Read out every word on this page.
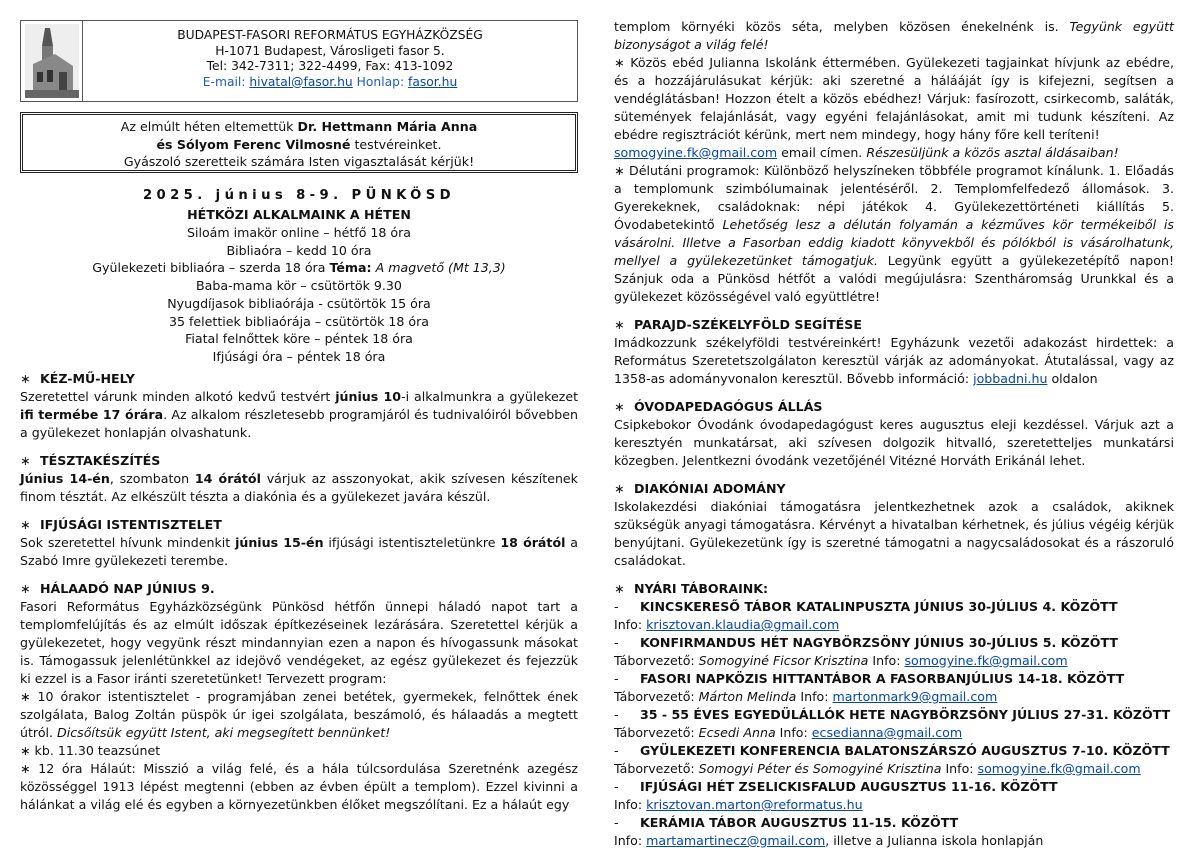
BUDAPEST-FASORI REFORMÁTUS EGYHÁZKÖZSÉG
H-1071 Budapest, Városligeti fasor 5.
Tel: 342-7311; 322-4499, Fax: 413-1092
E-mail: hivatal@fasor.hu Honlap: fasor.hu
Az elmúlt héten eltemettük Dr. Hettmann Mária Anna
és Sólyom Ferenc Vilmosné testvéreinket.
Gyászoló szeretteik számára Isten vigasztalását kérjük!
2025. június 8-9. PÜNKÖSD
HÉTKÖZI ALKALMAINK A HÉTEN
Siloám imakör online – hétfő 18 óra
Bibliaóra – kedd 10 óra
Gyülekezeti bibliaóra – szerda 18 óra Téma: A magvető (Mt 13,3)
Baba-mama kör – csütörtök 9.30
Nyugdíjasok bibliaórája - csütörtök 15 óra
35 felettiek bibliaórája – csütörtök 18 óra
Fiatal felnőttek köre – péntek 18 óra
Ifjúsági óra – péntek 18 óra
∗ KÉZ-MŰ-HELY
Szeretettel várunk minden alkotó kedvű testvért június 10-i alkalmunkra a gyülekezet ifi termébe 17 órára. Az alkalom részletesebb programjáról és tudnivalóiról bővebben a gyülekezet honlapján olvashatunk.
∗ TÉSZTAKÉSZÍTÉS
Június 14-én, szombaton 14 órától várjuk az asszonyokat, akik szívesen készítenek finom tésztát. Az elkészült tészta a diakónia és a gyülekezet javára készül.
∗ IFJÚSÁGI ISTENTISZTELET
Sok szeretettel hívunk mindenkit június 15-én ifjúsági istentiszteletünkre 18 órától a Szabó Imre gyülekezeti terembe.
∗ HÁLAADÓ NAP JÚNIUS 9.
Fasori Református Egyházközségünk Pünkösd hétfőn ünnepi háladó napot tart a templomfelújítás és az elmúlt időszak építkezéseinek lezárására. Szeretettel kérjük a gyülekezetet, hogy vegyünk részt mindannyian ezen a napon és hívogassunk másokat is. Támogassuk jelenlétünkkel az idejövő vendégeket, az egész gyülekezet és fejezzük ki ezzel is a Fasor iránti szeretetünket! Tervezett program:
∗ 10 órakor istentisztelet - programjában zenei betétek, gyermekek, felnőttek ének szolgálata, Balog Zoltán püspök úr igei szolgálata, beszámoló, és hálaadás a megtett útról. Dicsőítsük együtt Istent, aki megsegített bennünket!
∗ kb. 11.30 teazsúnet
∗ 12 óra Hálaút: Misszió a világ felé, és a hála túlcsordulása Szeretnénk azegész közösséggel 1913 lépést megtenni (ebben az évben épült a templom). Ezzel kivinni a hálánkat a világ elé és egyben a környezetünkben élőket megszólítani. Ez a hálaút egy
templom környéki közös séta, melyben közösen énekelnénk is. Tegyünk együtt bizonyságot a világ felé!
∗ Közös ebéd Julianna Iskolánk éttermében. Gyülekezeti tagjainkat hívjunk az ebédre, és a hozzájárulásukat kérjük: aki szeretné a hálááját így is kifejezni, segítsen a vendéglátásban! Hozzon ételt a közös ebédhez! Várjuk: fasírozott, csirkecomb, saláták, sütemények felajánlását, vagy egyéni felajánlásokat, amit mi tudunk készíteni. Az ebédre regisztrációt kérünk, mert nem mindegy, hogy hány főre kell teríteni!
somogyine.fk@gmail.com email címen. Részesüljünk a közös asztal áldásaiban!
∗ Délutáni programok: Különböző helyszíneken többféle programot kínálunk. 1. Előadás a templomunk szimbólumainak jelentéséről. 2. Templomfelfedező állomások. 3. Gyerekeknek, családoknak: népi játékok 4. Gyülekezettörténeti kiállítás 5. Óvodabetekintő Lehetőség lesz a délután folyamán a kézműves kör termékeiből is vásárolni. Illetve a Fasorban eddig kiadott könyvekből és pólókból is vásárolhatunk, mellyel a gyülekezetünket támogatjuk. Legyünk együtt a gyülekezetépítő napon! Szánjuk oda a Pünkösd hétfőt a valódi megújulásra: Szentháromság Urunkkal és a gyülekezet közösségével való együttlétre!
∗ PARAJD-SZÉKELYFÖLD SEGÍTÉSE
Imádkozzunk székelyföldi testvéreinkért! Egyházunk vezetői adakozást hirdettek: a Református Szeretetszolgálaton keresztül várják az adományokat. Átutalással, vagy az 1358-as adományvonalon keresztül. Bővebb információ: jobbadni.hu oldalon
∗ ÓVODAPEDAGÓGUS ÁLLÁS
Csipkebokor Óvodánk óvodapedagógust keres augusztus eleji kezdéssel. Várjuk azt a keresztyén munkatársat, aki szívesen dolgozik hitvalló, szeretetteljes munkatársi közegben. Jelentkezni óvodánk vezetőjénél Vitézné Horváth Erikánál lehet.
∗ DIAKÓNIAI ADOMÁNY
Iskolakezdési diakóniai támogatásra jelentkezhetnek azok a családok, akiknek szükségük anyagi támogatásra. Kérvényt a hivatalban kérhetnek, és július végéig kérjük benyújtani. Gyülekezetünk így is szeretné támogatni a nagycsaládosokat és a rászoruló családokat.
∗ NYÁRI TÁBORAINK:
- KINCSKERESŐ TÁBOR KATALINPUSZTA JÚNIUS 30-JÚLIUS 4. KÖZÖTT
Info: krisztovan.klaudia@gmail.com
- KONFIRMANDUS HÉT NAGYBÖRZSÖNY JÚNIUS 30-JÚLIUS 5. KÖZÖTT
Táborvezető: Somogyiné Ficsor Krisztina Info: somogyine.fk@gmail.com
- FASORI NAPKÖZIS HITTANTÁBOR A FASORBANJÚLIUS 14-18. KÖZÖTT
Táborvezető: Márton Melinda Info: martonmark9@gmail.com
- 35 - 55 ÉVES EGYEDÜLÁLLÓK HETE NAGYBÖRZSÖNY JÚLIUS 27-31. KÖZÖTT
Táborvezető: Ecsedi Anna Info: ecsedianna@gmail.com
- GYÜLEKEZETI KONFERENCIA BALATONSZÁRSZÓ AUGUSZTUS 7-10. KÖZÖTT
Táborvezető: Somogyi Péter és Somogyiné Krisztina Info: somogyine.fk@gmail.com
- IFJÚSÁGI HÉT ZSELICKISFALUD AUGUSZTUS 11-16. KÖZÖTT
Info: krisztovan.marton@reformatus.hu
- KERÁMIA TÁBOR AUGUSZTUS 11-15. KÖZÖTT
Info: martamartinecz@gmail.com, illetve a Julianna iskola honlapján
